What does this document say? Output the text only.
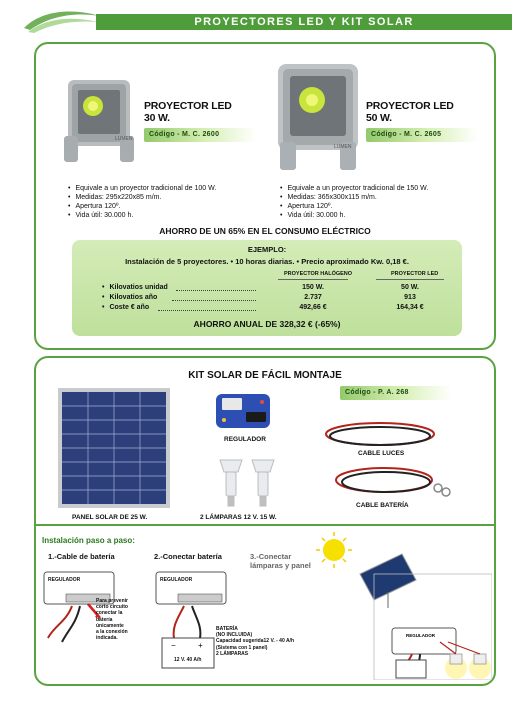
PROYECTORES LED Y KIT SOLAR
LUMEN
PROYECTOR LED
30 W.
Código - M. C. 2600
LUMEN
PROYECTOR LED
50 W.
Código - M. C. 2605
• Equivale a un proyector tradicional de 100 W.
• Medidas: 295x220x85 m/m.
• Apertura 120º.
• Vida útil: 30.000 h.
• Equivale a un proyector tradicional de 150 W.
• Medidas: 365x300x115 m/m.
• Apertura 120º.
• Vida útil: 30.000 h.
AHORRO DE UN 65% EN EL CONSUMO ELÉCTRICO
EJEMPLO:
Instalación de 5 proyectores. • 10 horas diarias. • Precio aproximado Kw. 0,18 €.
PROYECTOR HALÓGENO	PROYECTOR LED
• Kilovatios unidad	150 W.	50 W.
• Kilovatios año	2.737	913
• Coste € año	492,66 €	164,34 €
AHORRO ANUAL DE 328,32 € (-65%)
KIT SOLAR DE FÁCIL MONTAJE
Código - P. A. 268
PANEL SOLAR DE 25 W.
REGULADOR
2 LÁMPARAS 12 V. 15 W.
CABLE LUCES
CABLE BATERÍA
Instalación paso a paso:
1.-Cable de batería	2.-Conectar batería	3.-Conectar
lámparas y panel
REGULADOR
Para prevenir
corto circuito
conectar la
batería
únicamente
a la conexión
indicada.
−	+
REGULADOR
12 V. 40 A/h
BATERÍA
(NO INCLUIDA)
Capacidad sugerida12 V. - 40 A/h
(Sistema con 1 panel)
2 LÁMPARAS
REGULADOR
